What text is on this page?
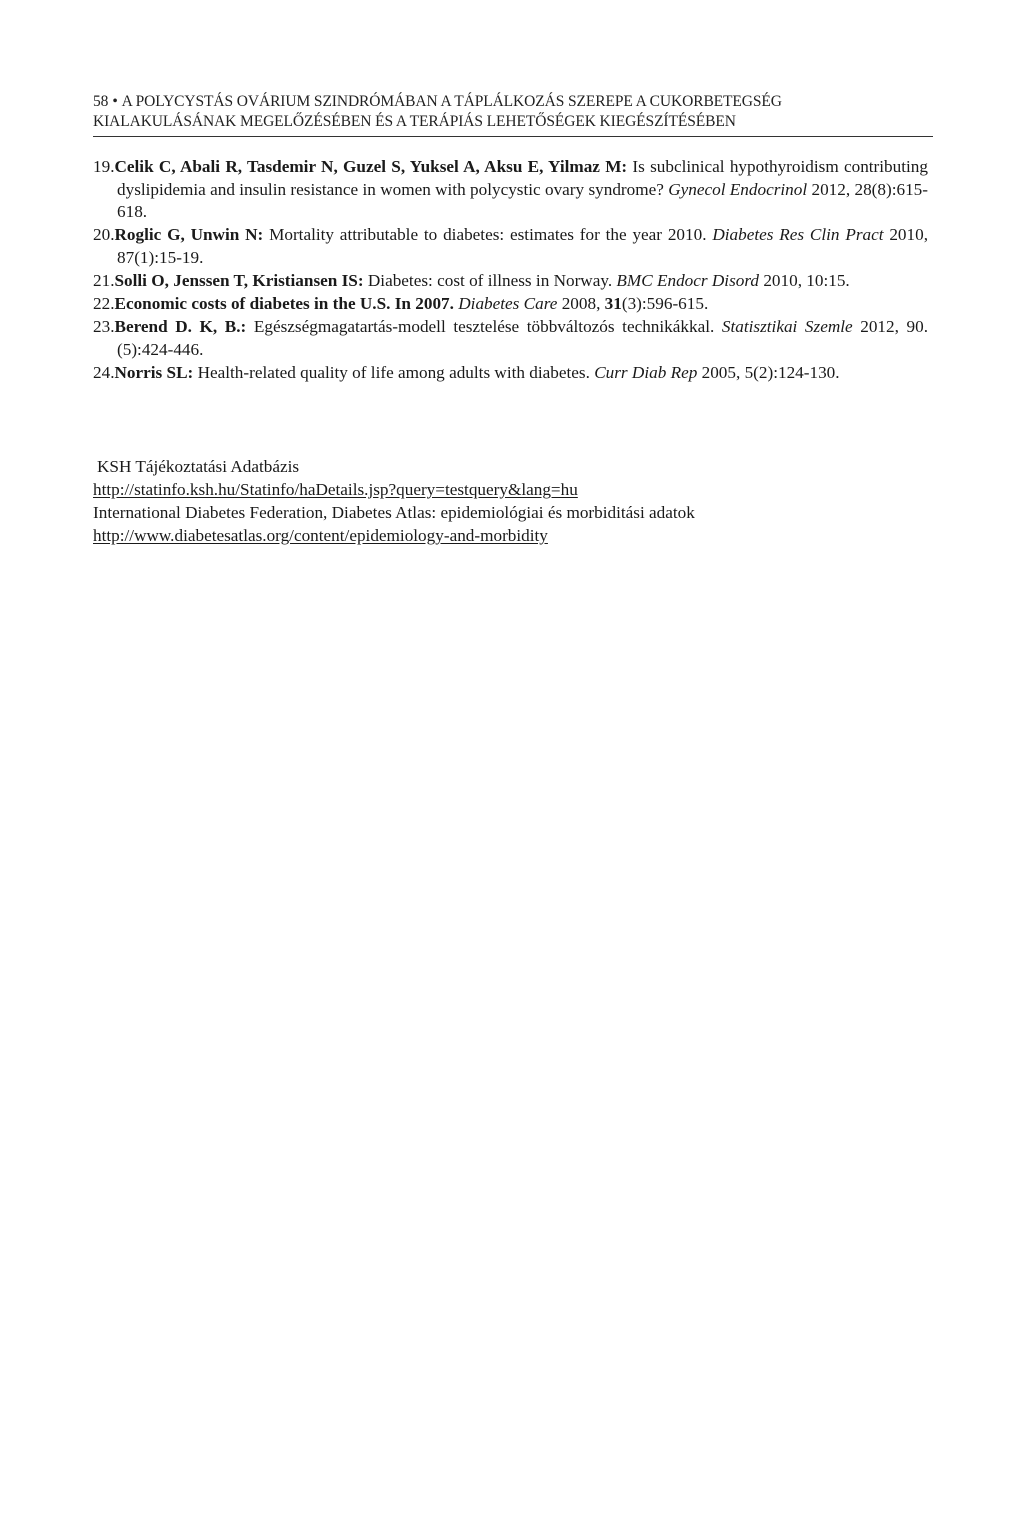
58 • A POLYCYSTÁS OVÁRIUM SZINDRÓMÁBAN A TÁPLÁLKOZÁS SZEREPE A CUKORBETEGSÉG
KIALAKULÁSÁNAK MEGELŐZÉSÉBEN ÉS A TERÁPIÁS LEHETŐSÉGEK KIEGÉSZÍTÉSÉBEN
19.Celik C, Abali R, Tasdemir N, Guzel S, Yuksel A, Aksu E, Yilmaz M: Is subclinical hypothyroidism contributing dyslipidemia and insulin resistance in women with polycystic ovary syndrome? Gynecol Endocrinol 2012, 28(8):615-618.
20.Roglic G, Unwin N: Mortality attributable to diabetes: estimates for the year 2010. Diabetes Res Clin Pract 2010, 87(1):15-19.
21.Solli O, Jenssen T, Kristiansen IS: Diabetes: cost of illness in Norway. BMC Endocr Disord 2010, 10:15.
22.Economic costs of diabetes in the U.S. In 2007. Diabetes Care 2008, 31(3):596-615.
23.Berend D. K, B.: Egészségmagatartás-modell tesztelése többváltozós technikákkal. Statisztikai Szemle 2012, 90.(5):424-446.
24.Norris SL: Health-related quality of life among adults with diabetes. Curr Diab Rep 2005, 5(2):124-130.
KSH Tájékoztatási Adatbázis
http://statinfo.ksh.hu/Statinfo/haDetails.jsp?query=testquery&lang=hu
International Diabetes Federation, Diabetes Atlas: epidemiológiai és morbiditási adatok
http://www.diabetesatlas.org/content/epidemiology-and-morbidity
